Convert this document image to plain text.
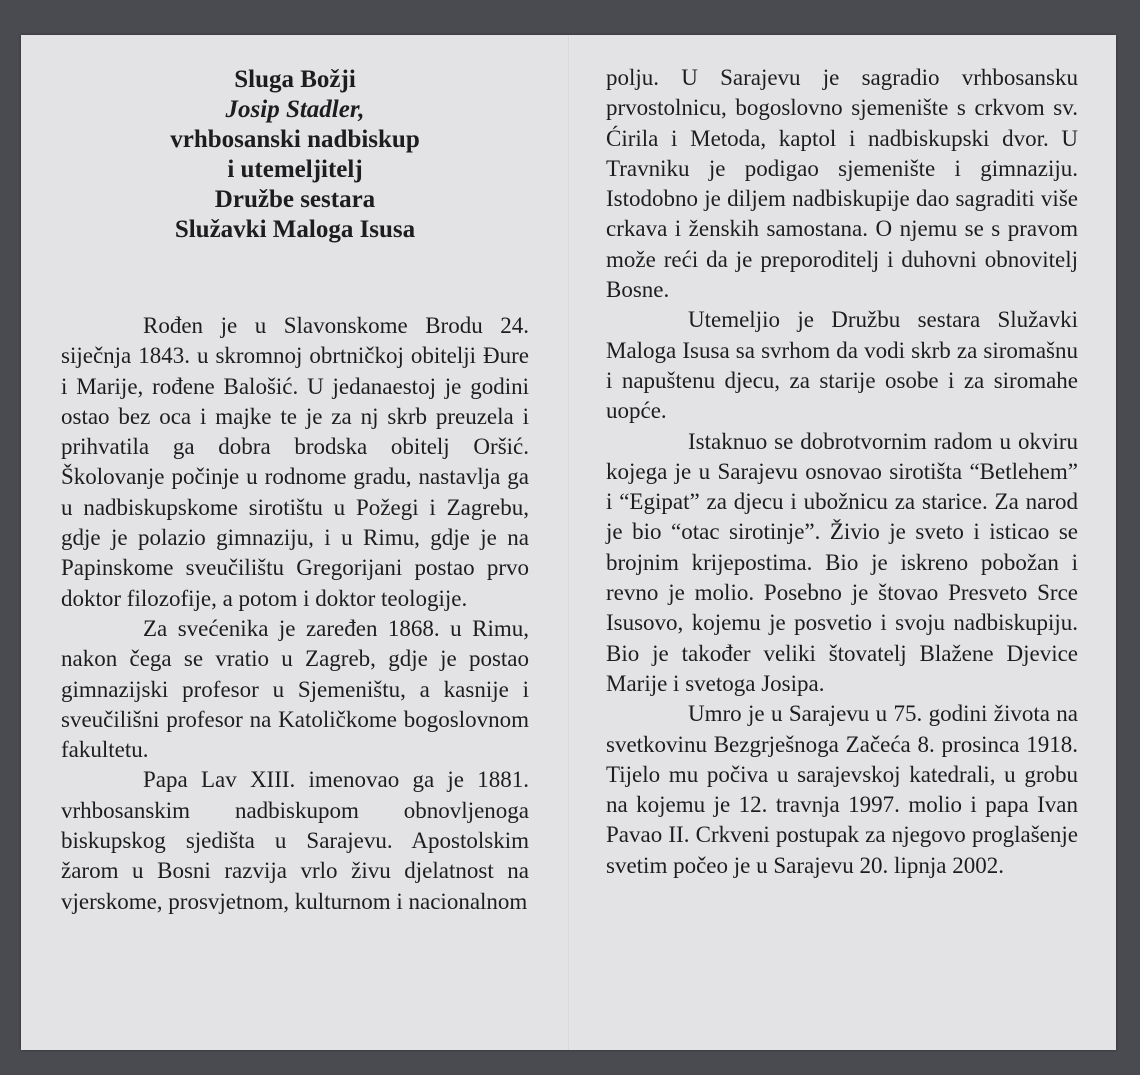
Sluga Božji
Josip Stadler,
vrhbosanski nadbiskup
i utemeljitelj
Družbe sestara
Služavki Maloga Isusa

Rođen je u Slavonskome Brodu 24. siječnja 1843. u skromnoj obrtničkoj obitelji Đure i Marije, rođene Balošić. U jedanaestoj je godini ostao bez oca i majke te je za nj skrb preuzela i prihvatila ga dobra brodska obitelj Oršić. Školovanje počinje u rodnome gradu, nastavlja ga u nadbiskupskome sirotištu u Požegi i Zagrebu, gdje je polazio gimnaziju, i u Rimu, gdje je na Papinskome sveučilištu Gregorijani postao prvo doktor filozofije, a potom i doktor teologije.

Za svećenika je zaređen 1868. u Rimu, nakon čega se vratio u Zagreb, gdje je postao gimnazijski profesor u Sjemeništu, a kasnije i sveučilišni profesor na Katoličkome bogoslovnom fakultetu.

Papa Lav XIII. imenovao ga je 1881. vrhbosanskim nadbiskupom obnovljenoga biskupskog sjedišta u Sarajevu. Apostolskim žarom u Bosni razvija vrlo živu djelatnost na vjerskome, prosvjetnom, kulturnom i nacionalnom

polju. U Sarajevu je sagradio vrhbosansku prvostolnicu, bogoslovno sjemenište s crkvom sv. Ćirila i Metoda, kaptol i nadbiskupski dvor. U Travniku je podigao sjemenište i gimnaziju. Istodobno je diljem nadbiskupije dao sagraditi više crkava i ženskih samostana. O njemu se s pravom može reći da je preporoditelj i duhovni obnovitelj Bosne.

Utemeljio je Družbu sestara Služavki Maloga Isusa sa svrhom da vodi skrb za siromašnu i napuštenu djecu, za starije osobe i za siromahe uopće.

Istaknuo se dobrotvornim radom u okviru kojega je u Sarajevu osnovao sirotišta “Betlehem” i “Egipat” za djecu i ubožnicu za starice. Za narod je bio “otac sirotinje”. Živio je sveto i isticao se brojnim krijepostima. Bio je iskreno pobožan i revno je molio. Posebno je štovao Presveto Srce Isusovo, kojemu je posvetio i svoju nadbiskupiju. Bio je također veliki štovatelj Blažene Djevice Marije i svetoga Josipa.

Umro je u Sarajevu u 75. godini života na svetkovinu Bezgrješnoga Začeća 8. prosinca 1918. Tijelo mu počiva u sarajevskoj katedrali, u grobu na kojemu je 12. travnja 1997. molio i papa Ivan Pavao II. Crkveni postupak za njegovo proglašenje svetim počeo je u Sarajevu 20. lipnja 2002.
